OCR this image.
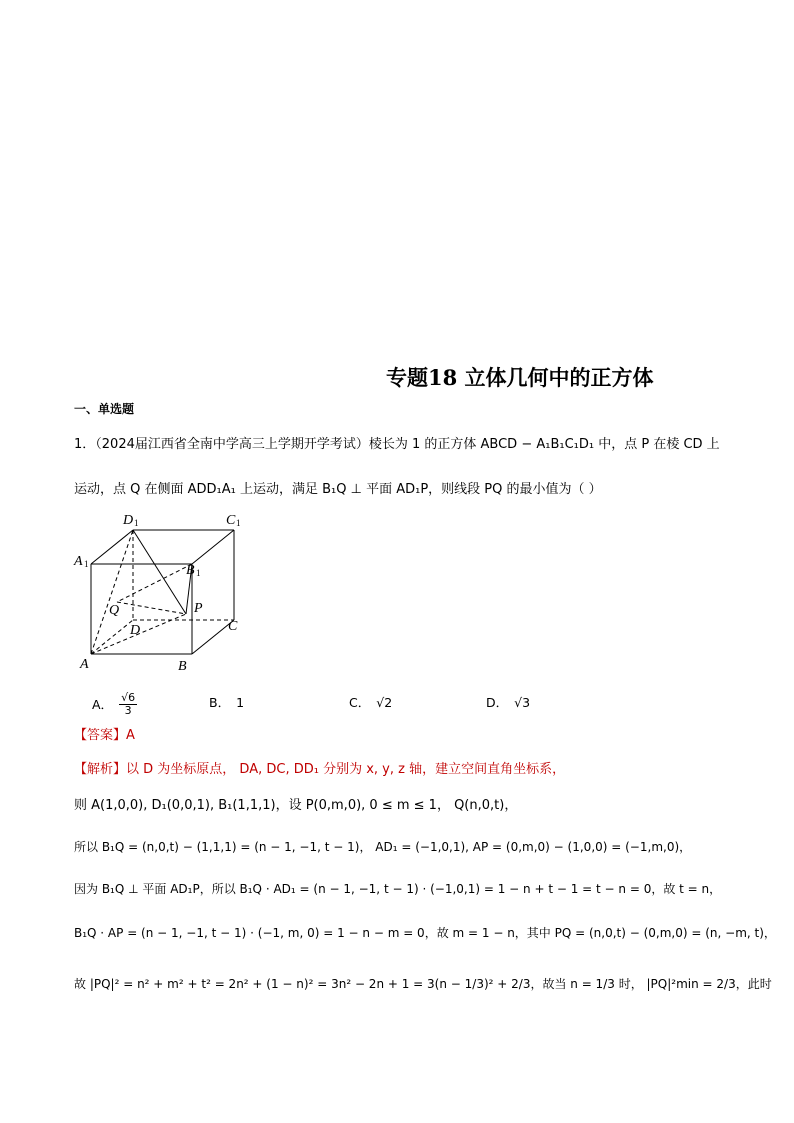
专题18 立体几何中的正方体
一、单选题
1．（2024届江西省全南中学高三上学期开学考试）棱长为 1 的正方体 ABCD − A₁B₁C₁D₁ 中，点 P 在棱 CD 上
运动，点 Q 在侧面 ADD₁A₁ 上运动，满足 B₁Q ⊥ 平面 AD₁P，则线段 PQ 的最小值为（ ）
D 1	C 1
A 1	B 1
Q	P
D	C
A	B
A． $\frac{√6}{3}$	B． 1	C． √2	D． √3
【答案】A
【解析】以 D 为坐标原点， DA, DC, DD₁ 分别为 x, y, z 轴，建立空间直角坐标系，
则 A(1,0,0), D₁(0,0,1), B₁(1,1,1)，设 P(0,m,0), 0 ≤ m ≤ 1， Q(n,0,t)，
所以 B₁Q = (n,0,t) − (1,1,1) = (n − 1, −1, t − 1)， AD₁ = (−1,0,1), AP = (0,m,0) − (1,0,0) = (−1,m,0)，
因为 B₁Q ⊥ 平面 AD₁P，所以 B₁Q · AD₁ = (n − 1, −1, t − 1) · (−1,0,1) = 1 − n + t − 1 = t − n = 0，故 t = n，
B₁Q · AP = (n − 1, −1, t − 1) · (−1, m, 0) = 1 − n − m = 0，故 m = 1 − n，其中 PQ = (n,0,t) − (0,m,0) = (n, −m, t)，
故 |PQ|² = n² + m² + t² = 2n² + (1 − n)² = 3n² − 2n + 1 = 3(n − 1/3)² + 2/3，故当 n = 1/3 时， |PQ|²min = 2/3，此时
